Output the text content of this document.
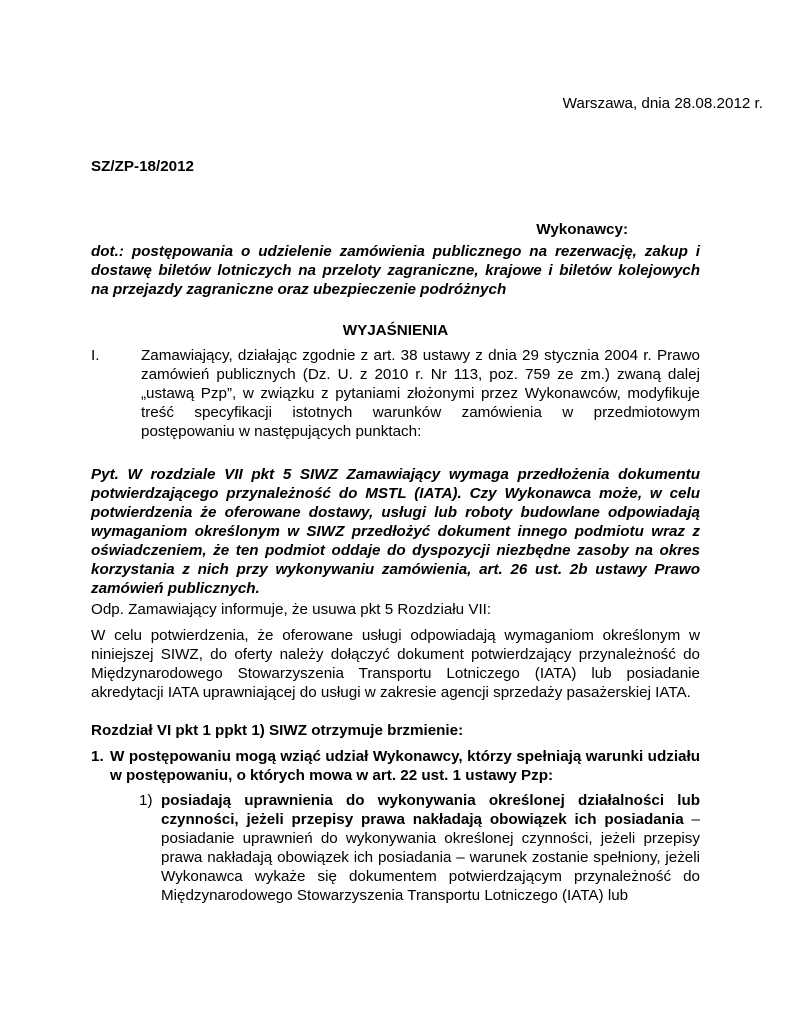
Warszawa, dnia 28.08.2012 r.
SZ/ZP-18/2012
Wykonawcy:
dot.: postępowania o udzielenie zamówienia publicznego na rezerwację, zakup i dostawę biletów lotniczych na przeloty zagraniczne, krajowe i biletów kolejowych na przejazdy zagraniczne oraz ubezpieczenie podróżnych
WYJAŚNIENIA
I.	Zamawiający, działając zgodnie z art. 38 ustawy z dnia 29 stycznia 2004 r. Prawo zamówień publicznych (Dz. U. z 2010 r. Nr 113, poz. 759 ze zm.) zwaną dalej „ustawą Pzp”, w związku z pytaniami złożonymi przez Wykonawców, modyfikuje treść specyfikacji istotnych warunków zamówienia w przedmiotowym postępowaniu w następujących punktach:
Pyt. W rozdziale VII pkt 5 SIWZ Zamawiający wymaga przedłożenia dokumentu potwierdzającego przynależność do MSTL (IATA). Czy Wykonawca może, w celu potwierdzenia że oferowane dostawy, usługi lub roboty budowlane odpowiadają wymaganiom określonym w SIWZ przedłożyć dokument innego podmiotu wraz z oświadczeniem, że ten podmiot oddaje do dyspozycji niezbędne zasoby na okres korzystania z nich przy wykonywaniu zamówienia, art. 26 ust. 2b ustawy Prawo zamówień publicznych.
Odp. Zamawiający informuje, że usuwa pkt 5 Rozdziału VII:
W celu potwierdzenia, że oferowane usługi odpowiadają wymaganiom określonym w niniejszej SIWZ, do oferty należy dołączyć dokument potwierdzający przynależność do Międzynarodowego Stowarzyszenia Transportu Lotniczego (IATA) lub posiadanie akredytacji IATA uprawniającej do usługi w zakresie agencji sprzedaży pasażerskiej IATA.
Rozdział VI pkt 1 ppkt 1) SIWZ otrzymuje brzmienie:
1. W postępowaniu mogą wziąć udział Wykonawcy, którzy spełniają warunki udziału w postępowaniu, o których mowa w art. 22 ust. 1 ustawy Pzp:
1) posiadają uprawnienia do wykonywania określonej działalności lub czynności, jeżeli przepisy prawa nakładają obowiązek ich posiadania – posiadanie uprawnień do wykonywania określonej czynności, jeżeli przepisy prawa nakładają obowiązek ich posiadania – warunek zostanie spełniony, jeżeli Wykonawca wykaże się dokumentem potwierdzającym przynależność do Międzynarodowego Stowarzyszenia Transportu Lotniczego (IATA) lub
